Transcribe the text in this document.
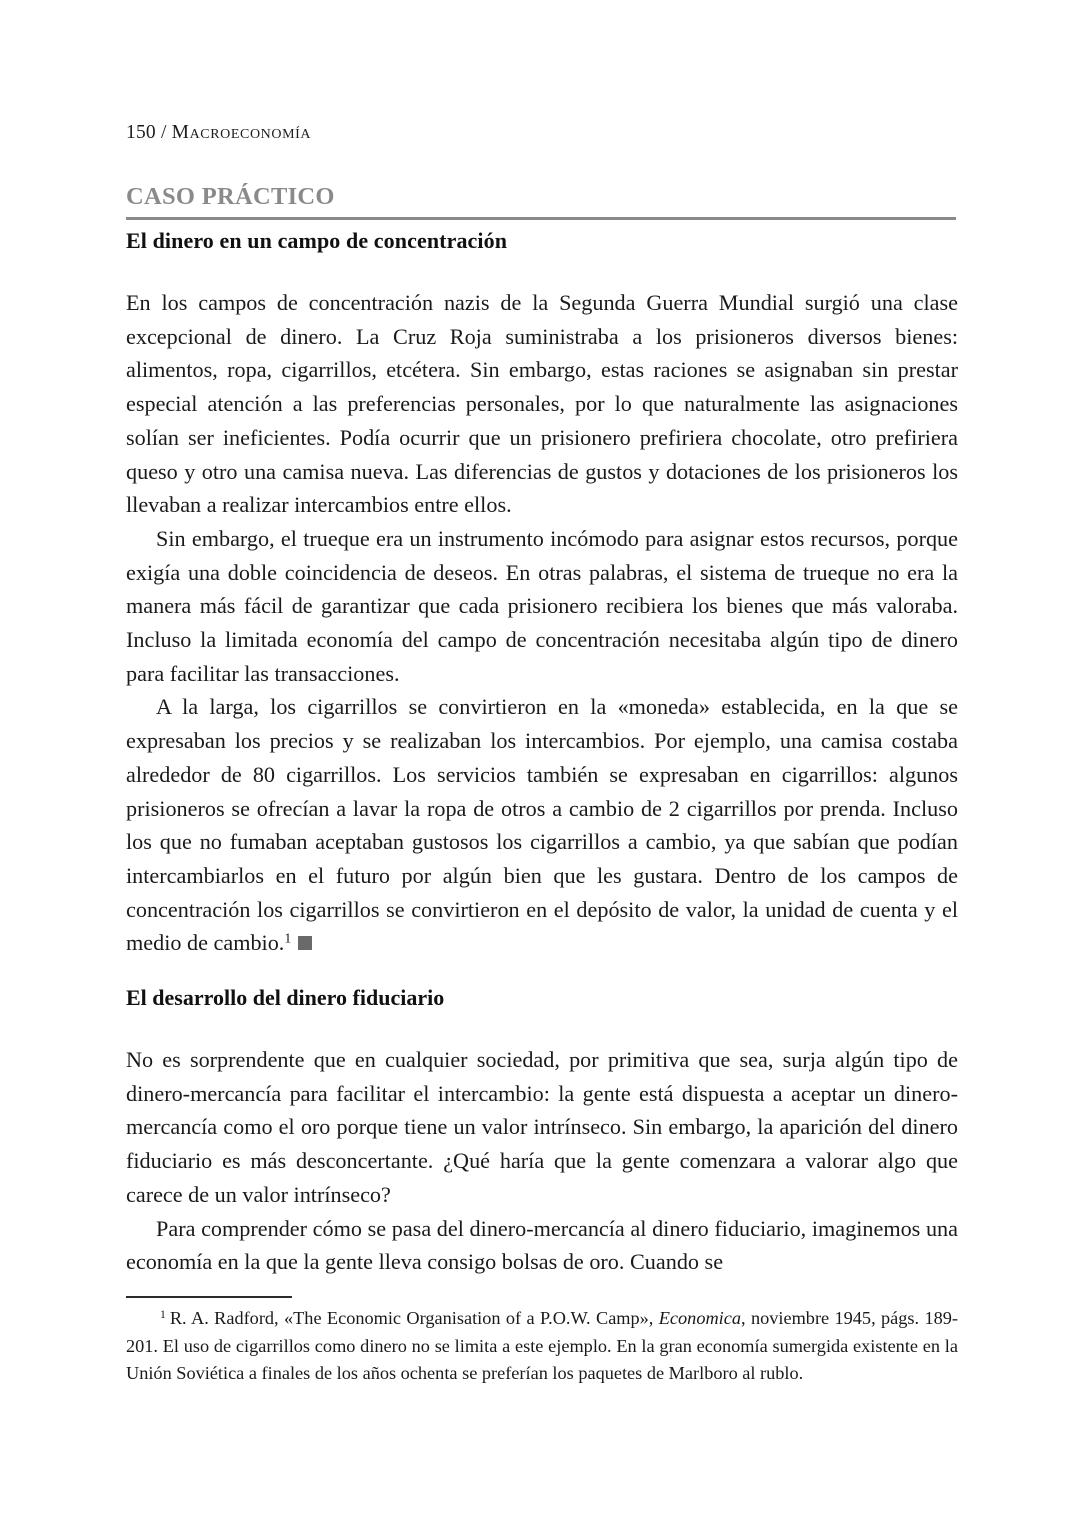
150 / Macroeconomía
CASO PRÁCTICO
El dinero en un campo de concentración

En los campos de concentración nazis de la Segunda Guerra Mundial surgió una clase excepcional de dinero. La Cruz Roja suministraba a los prisioneros diversos bienes: alimentos, ropa, cigarrillos, etcétera. Sin embargo, estas raciones se asignaban sin prestar especial atención a las preferencias personales, por lo que naturalmente las asignaciones solían ser ineficientes. Podía ocurrir que un prisionero prefiriera chocolate, otro prefiriera queso y otro una camisa nueva. Las diferencias de gustos y dotaciones de los prisioneros los llevaban a realizar intercambios entre ellos.

Sin embargo, el trueque era un instrumento incómodo para asignar estos recursos, porque exigía una doble coincidencia de deseos. En otras palabras, el sistema de trueque no era la manera más fácil de garantizar que cada prisionero recibiera los bienes que más valoraba. Incluso la limitada economía del campo de concentración necesitaba algún tipo de dinero para facilitar las transacciones.

A la larga, los cigarrillos se convirtieron en la «moneda» establecida, en la que se expresaban los precios y se realizaban los intercambios. Por ejemplo, una camisa costaba alrededor de 80 cigarrillos. Los servicios también se expresaban en cigarrillos: algunos prisioneros se ofrecían a lavar la ropa de otros a cambio de 2 cigarrillos por prenda. Incluso los que no fumaban aceptaban gustosos los cigarrillos a cambio, ya que sabían que podían intercambiarlos en el futuro por algún bien que les gustara. Dentro de los campos de concentración los cigarrillos se convirtieron en el depósito de valor, la unidad de cuenta y el medio de cambio.$^1$

El desarrollo del dinero fiduciario

No es sorprendente que en cualquier sociedad, por primitiva que sea, surja algún tipo de dinero-mercancía para facilitar el intercambio: la gente está dispuesta a aceptar un dinero-mercancía como el oro porque tiene un valor intrínseco. Sin embargo, la aparición del dinero fiduciario es más desconcertante. ¿Qué haría que la gente comenzara a valorar algo que carece de un valor intrínseco?

Para comprender cómo se pasa del dinero-mercancía al dinero fiduciario, imaginemos una economía en la que la gente lleva consigo bolsas de oro. Cuando se

$^1$ R. A. Radford, «The Economic Organisation of a P.O.W. Camp», Economica, noviembre 1945, págs. 189-201. El uso de cigarrillos como dinero no se limita a este ejemplo. En la gran economía sumergida existente en la Unión Soviética a finales de los años ochenta se preferían los paquetes de Marlboro al rublo.
